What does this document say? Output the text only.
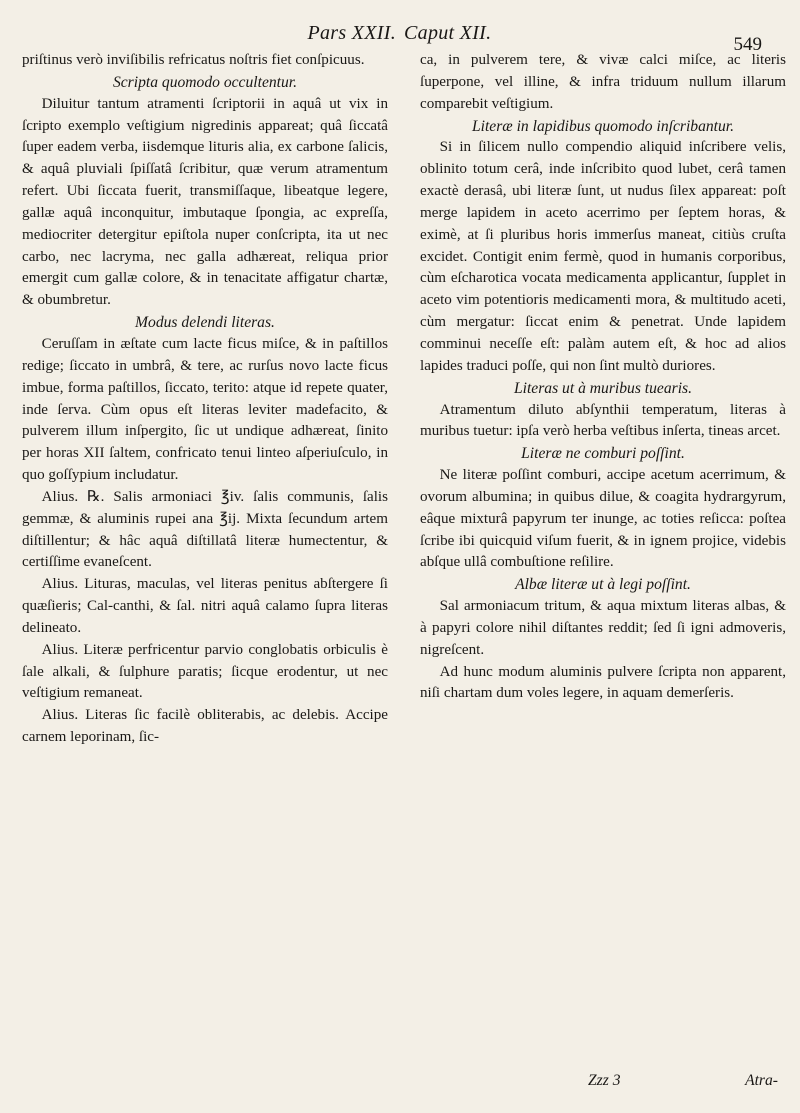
Pars XXII. Caput XII.
549

priſtinus verò inviſibilis refricatus noſtris fiet conſpicuus.

Scripta quomodo occultentur.

Diluitur tantum atramenti ſcriptorii in aquâ ut vix in ſcripto exemplo veſtigium nigredinis appareat; quâ ſiccatâ ſuper eadem verba, iisdemque lituris alia, ex carbone ſalicis, & aquâ pluviali ſpiſſatâ ſcribitur, quæ verum atramentum refert. Ubi ſiccata fuerit, transmiſſaque, libeatque legere, gallæ aquâ inconquitur, imbutaque ſpongia, ac expreſſa, mediocriter detergitur epiſtola nuper conſcripta, ita ut nec carbo, nec lacryma, nec galla adhæreat, reliqua prior emergit cum gallæ colore, & in tenacitate affigatur chartæ, & obumbretur.

Modus delendi literas.

Ceruſſam in æſtate cum lacte ficus miſce, & in paſtillos redige; ſiccato in umbrâ, & tere, ac rurſus novo lacte ficus imbue, forma paſtillos, ſiccato, terito: atque id repete quater, inde ſerva. Cùm opus eſt literas leviter madefacito, & pulverem illum inſpergito, ſic ut undique adhæreat, ſinito per horas XII ſaltem, confricato tenui linteo aſperiuſculo, in quo goſſypium includatur.

Alius. ℞. Salis armoniaci ℥iv. ſalis communis, ſalis gemmæ, & aluminis rupei ana ℥ij. Mixta ſecundum artem diſtillentur; & hâc aquâ diſtillatâ literæ humectentur, & certiſſime evaneſcent.

Alius. Lituras, maculas, vel literas penitus abſtergere ſi quæſieris; Cal-canthi, & ſal. nitri aquâ calamo ſupra literas delineato.

Alius. Literæ perfricentur parvio conglobatis orbiculis è ſale alkali, & ſulphure paratis; ſicque erodentur, ut nec veſtigium remaneat.

Alius. Literas ſic facilè obliterabis, ac delebis. Accipe carnem leporinam, ſic-

ca, in pulverem tere, & vivæ calci miſce, ac literis ſuperpone, vel illine, & infra triduum nullum illarum comparebit veſtigium.

Literæ in lapidibus quomodo inſcribantur.

Si in ſilicem nullo compendio aliquid inſcribere velis, oblinito totum cerâ, inde inſcribito quod lubet, cerâ tamen exactè derasâ, ubi literæ ſunt, ut nudus ſilex appareat: poſt merge lapidem in aceto acerrimo per ſeptem horas, & eximè, at ſi pluribus horis immerſus maneat, citiùs cruſta excidet. Contigit enim fermè, quod in humanis corporibus, cùm eſcharotica vocata medicamenta applicantur, ſupplet in aceto vim potentioris medicamenti mora, & multitudo aceti, cùm mergatur: ſiccat enim & penetrat. Unde lapidem comminui neceſſe eſt: palàm autem eſt, & hoc ad alios lapides traduci poſſe, qui non ſint multò duriores.

Literas ut à muribus tuearis.

Atramentum diluto abſynthii temperatum, literas à muribus tuetur: ipſa verò herba veſtibus inſerta, tineas arcet.

Literæ ne comburi poſſint.

Ne literæ poſſint comburi, accipe acetum acerrimum, & ovorum albumina; in quibus dilue, & coagita hydrargyrum, eâque mixturâ papyrum ter inunge, ac toties reſicca: poſtea ſcribe ibi quicquid viſum fuerit, & in ignem projice, videbis abſque ullâ combuſtione reſilire.

Albæ literæ ut à legi poſſint.

Sal armoniacum tritum, & aqua mixtum literas albas, & à papyri colore nihil diſtantes reddit; ſed ſi igni admoveris, nigreſcent.

Ad hunc modum aluminis pulvere ſcripta non apparent, niſi chartam dum voles legere, in aquam demerſeris.

Zzz 3	Atra-
